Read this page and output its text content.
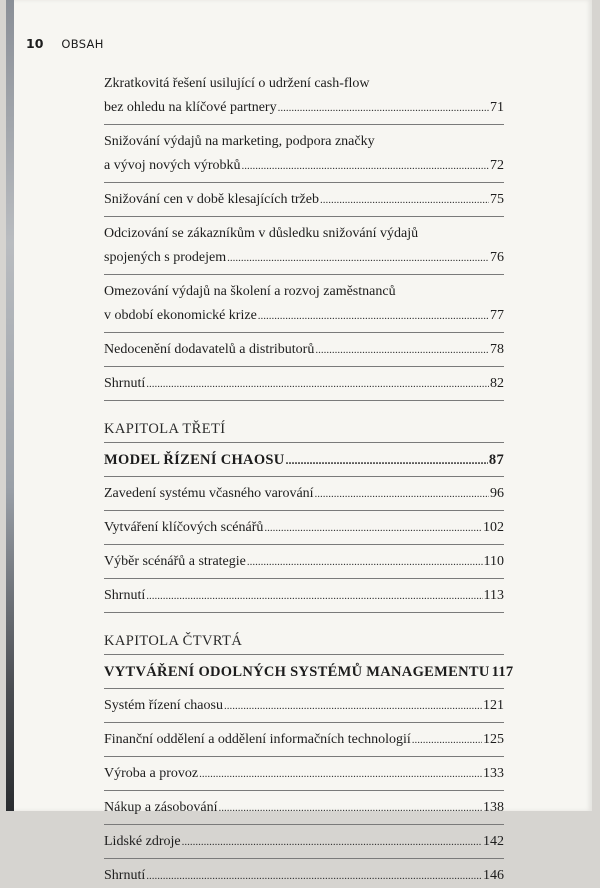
10 OBSAH
Zkratkovitá řešení usilující o udržení cash-flow
bez ohledu na klíčové partnery .....	71
Snižování výdajů na marketing, podpora značky
a vývoj nových výrobků .....	72
Snižování cen v době klesajících tržeb .....	75
Odcizování se zákazníkům v důsledku snižování výdajů
spojených s prodejem .....	76
Omezování výdajů na školení a rozvoj zaměstnanců
v období ekonomické krize .....	77
Nedocenění dodavatelů a distributorů .....	78
Shrnutí .....	82
KAPITOLA TŘETÍ
MODEL ŘÍZENÍ CHAOSU .....	87
Zavedení systému včasného varování .....	96
Vytváření klíčových scénářů .....	102
Výběr scénářů a strategie .....	110
Shrnutí .....	113
KAPITOLA ČTVRTÁ
VYTVÁŘENÍ ODOLNÝCH SYSTÉMŮ MANAGEMENTU 117
Systém řízení chaosu .....	121
Finanční oddělení a oddělení informačních technologií .....	125
Výroba a provoz .....	133
Nákup a zásobování .....	138
Lidské zdroje .....	142
Shrnutí .....	146
